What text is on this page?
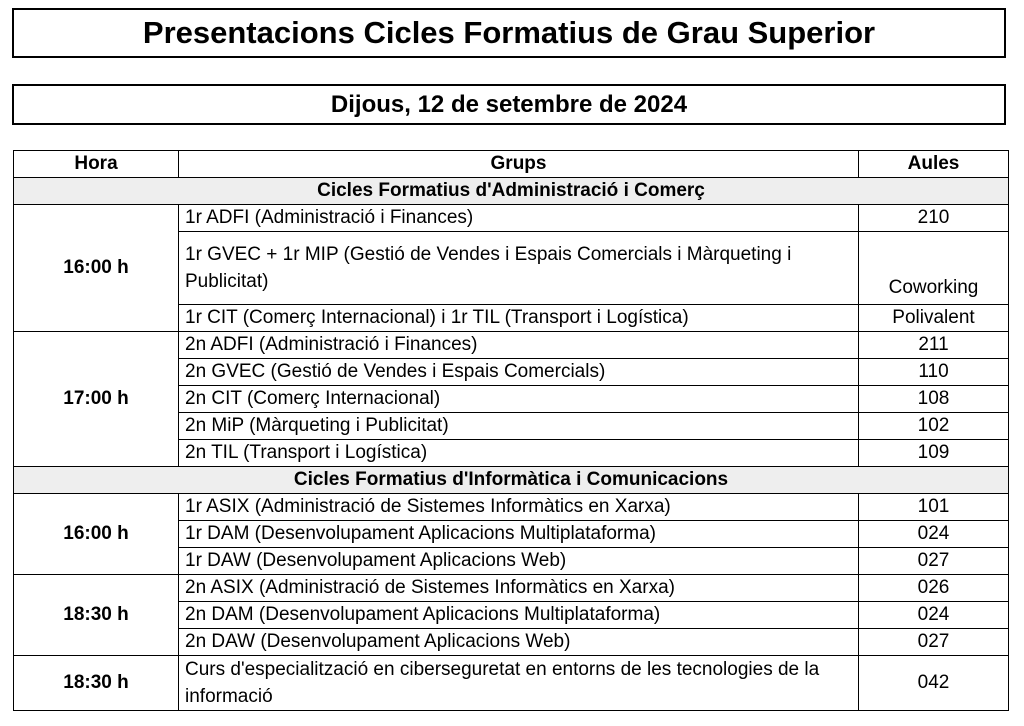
Presentacions Cicles Formatius de Grau Superior
Dijous, 12 de setembre de 2024
Hora	Grups	Aules
Cicles Formatius d'Administració i Comerç		
16:00 h	1r ADFI (Administració i Finances)	210
	1r GVEC + 1r MIP (Gestió de Vendes i Espais Comercials i Màrqueting i Publicitat)	Coworking
	1r CIT (Comerç Internacional) i 1r TIL (Transport i Logística)	Polivalent
17:00 h	2n ADFI (Administració i Finances)	211
	2n GVEC (Gestió de Vendes i Espais Comercials)	110
	2n CIT (Comerç Internacional)	108
	2n MiP (Màrqueting i Publicitat)	102
	2n TIL (Transport i Logística)	109
Cicles Formatius d'Informàtica i Comunicacions		
16:00 h	1r ASIX (Administració de Sistemes Informàtics en Xarxa)	101
	1r DAM (Desenvolupament Aplicacions Multiplataforma)	024
	1r DAW (Desenvolupament Aplicacions Web)	027
18:30 h	2n ASIX (Administració de Sistemes Informàtics en Xarxa)	026
	2n DAM (Desenvolupament Aplicacions Multiplataforma)	024
	2n DAW (Desenvolupament Aplicacions Web)	027
18:30 h	Curs d'especialització en ciberseguretat en entorns de les tecnologies de la informació	042
